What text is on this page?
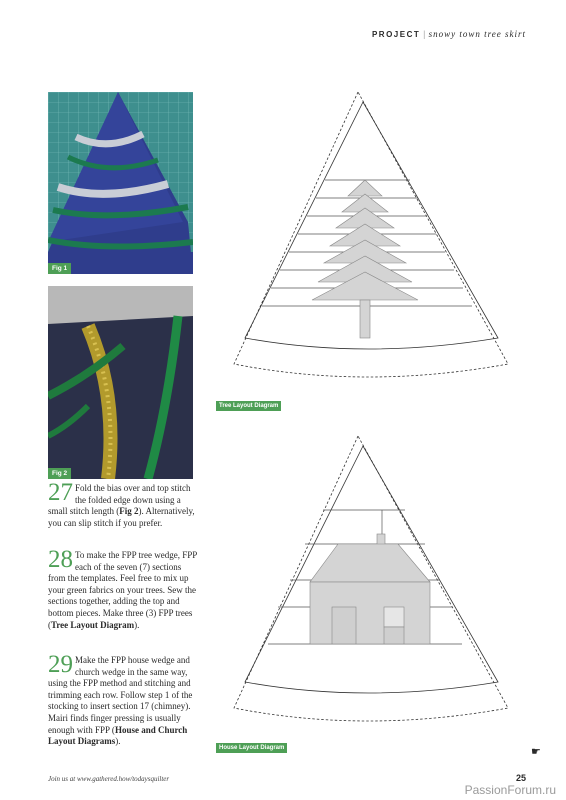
PROJECT | snowy town tree skirt
Fig 1
Fig 2
27 Fold the bias over and top stitch the folded edge down using a small stitch length (Fig 2). Alternatively, you can slip stitch if you prefer.
28 To make the FPP tree wedge, FPP each of the seven (7) sections from the templates. Feel free to mix up your green fabrics on your trees. Sew the sections together, adding the top and bottom pieces. Make three (3) FPP trees (Tree Layout Diagram).
29 Make the FPP house wedge and church wedge in the same way, using the FPP method and stitching and trimming each row. Follow step 1 of the stocking to insert section 17 (chimney). Mairi finds finger pressing is usually enough with FPP (House and Church Layout Diagrams).
Tree Layout Diagram
House Layout Diagram	☛
Join us at www.gathered.how/todaysquilter	25
PassionForum.ru
